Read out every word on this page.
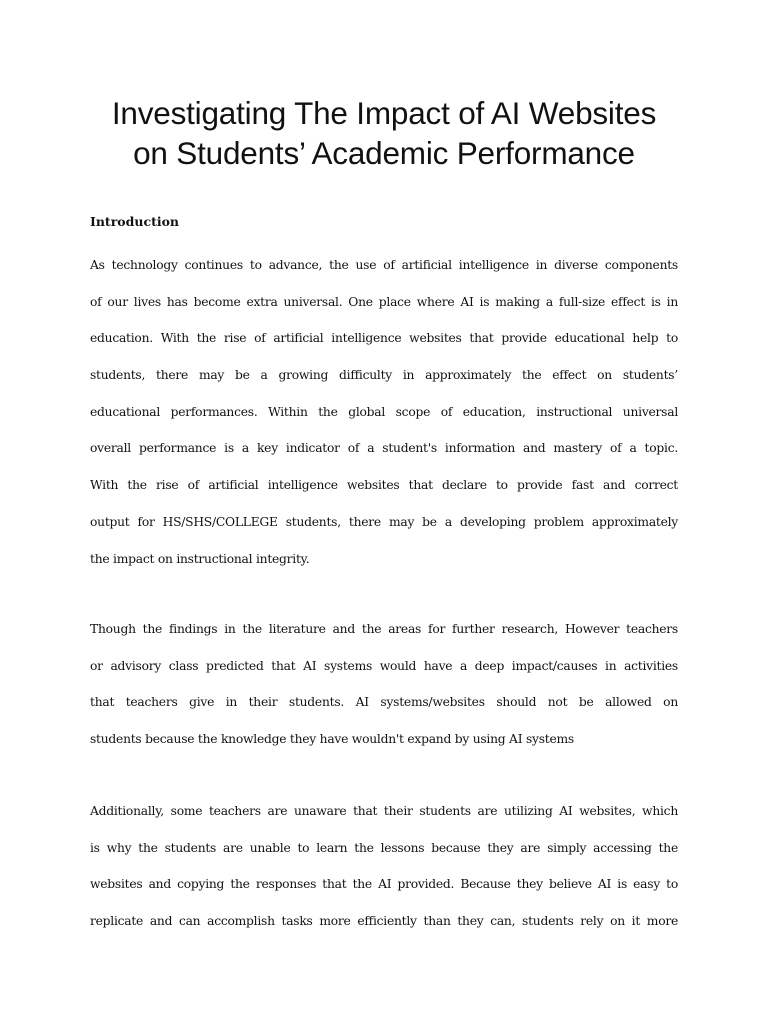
Investigating The Impact of AI Websites
on Students’ Academic Performance
Introduction
As technology continues to advance, the use of artificial intelligence in diverse components
of our lives has become extra universal. One place where AI is making a full-size effect is in
education. With the rise of artificial intelligence websites that provide educational help to
students, there may be a growing difficulty in approximately the effect on students’
educational performances. Within the global scope of education, instructional universal
overall performance is a key indicator of a student's information and mastery of a topic.
With the rise of artificial intelligence websites that declare to provide fast and correct
output for HS/SHS/COLLEGE students, there may be a developing problem approximately
the impact on instructional integrity.
Though the findings in the literature and the areas for further research, However teachers
or advisory class predicted that AI systems would have a deep impact/causes in activities
that teachers give in their students. AI systems/websites should not be allowed on
students because the knowledge they have wouldn't expand by using AI systems
Additionally, some teachers are unaware that their students are utilizing AI websites, which
is why the students are unable to learn the lessons because they are simply accessing the
websites and copying the responses that the AI provided. Because they believe AI is easy to
replicate and can accomplish tasks more efficiently than they can, students rely on it more
